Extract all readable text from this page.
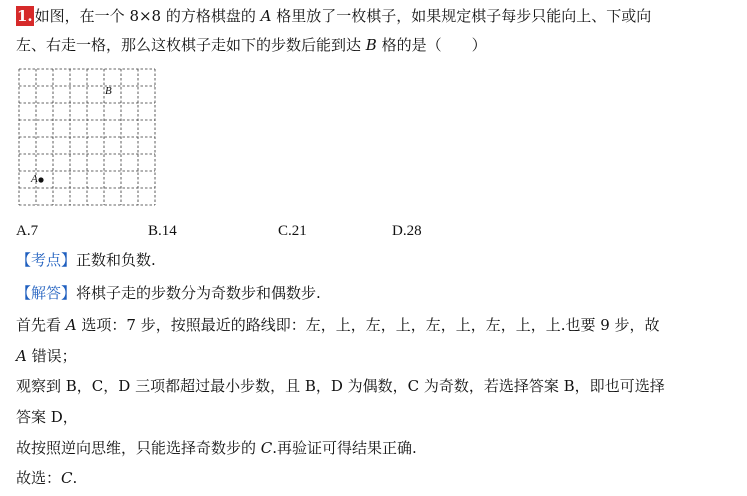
1. 如图，在一个 8×8 的方格棋盘的 A 格里放了一枚棋子，如果规定棋子每步只能向上、下或向
左、右走一格，那么这枚棋子走如下的步数后能到达 B 格的是（　　）
B
A
A.7	B.14	C.21	D.28
【考点】正数和负数.
【解答】将棋子走的步数分为奇数步和偶数步.
首先看 A 选项：7 步，按照最近的路线即：左，上，左，上，左，上，左，上，上.也要 9 步，故
A 错误；
观察到 B，C，D 三项都超过最小步数，且 B，D 为偶数，C 为奇数，若选择答案 B，即也可选择
答案 D，
故按照逆向思维，只能选择奇数步的 C.再验证可得结果正确.
故选：C.
